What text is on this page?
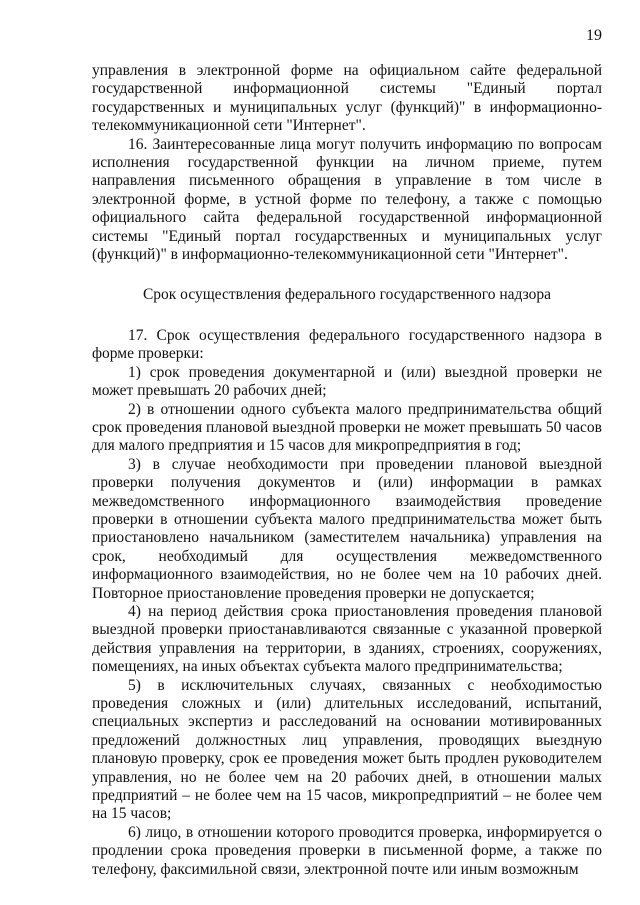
19

управления в электронной форме на официальном сайте федеральной государственной информационной системы "Единый портал государственных и муниципальных услуг (функций)" в информационно-телекоммуникационной сети "Интернет".

16. Заинтересованные лица могут получить информацию по вопросам исполнения государственной функции на личном приеме, путем направления письменного обращения в управление в том числе в электронной форме, в устной форме по телефону, а также с помощью официального сайта федеральной государственной информационной системы "Единый портал государственных и муниципальных услуг (функций)" в информационно-телекоммуникационной сети "Интернет".

Срок осуществления федерального государственного надзора

17. Срок осуществления федерального государственного надзора в форме проверки:

1) срок проведения документарной и (или) выездной проверки не может превышать 20 рабочих дней;

2) в отношении одного субъекта малого предпринимательства общий срок проведения плановой выездной проверки не может превышать 50 часов для малого предприятия и 15 часов для микропредприятия в год;

3) в случае необходимости при проведении плановой выездной проверки получения документов и (или) информации в рамках межведомственного информационного взаимодействия проведение проверки в отношении субъекта малого предпринимательства может быть приостановлено начальником (заместителем начальника) управления на срок, необходимый для осуществления межведомственного информационного взаимодействия, но не более чем на 10 рабочих дней. Повторное приостановление проведения проверки не допускается;

4) на период действия срока приостановления проведения плановой выездной проверки приостанавливаются связанные с указанной проверкой действия управления на территории, в зданиях, строениях, сооружениях, помещениях, на иных объектах субъекта малого предпринимательства;

5) в исключительных случаях, связанных с необходимостью проведения сложных и (или) длительных исследований, испытаний, специальных экспертиз и расследований на основании мотивированных предложений должностных лиц управления, проводящих выездную плановую проверку, срок ее проведения может быть продлен руководителем управления, но не более чем на 20 рабочих дней, в отношении малых предприятий – не более чем на 15 часов, микропредприятий – не более чем на 15 часов;

6) лицо, в отношении которого проводится проверка, информируется о продлении срока проведения проверки в письменной форме, а также по телефону, факсимильной связи, электронной почте или иным возможным
